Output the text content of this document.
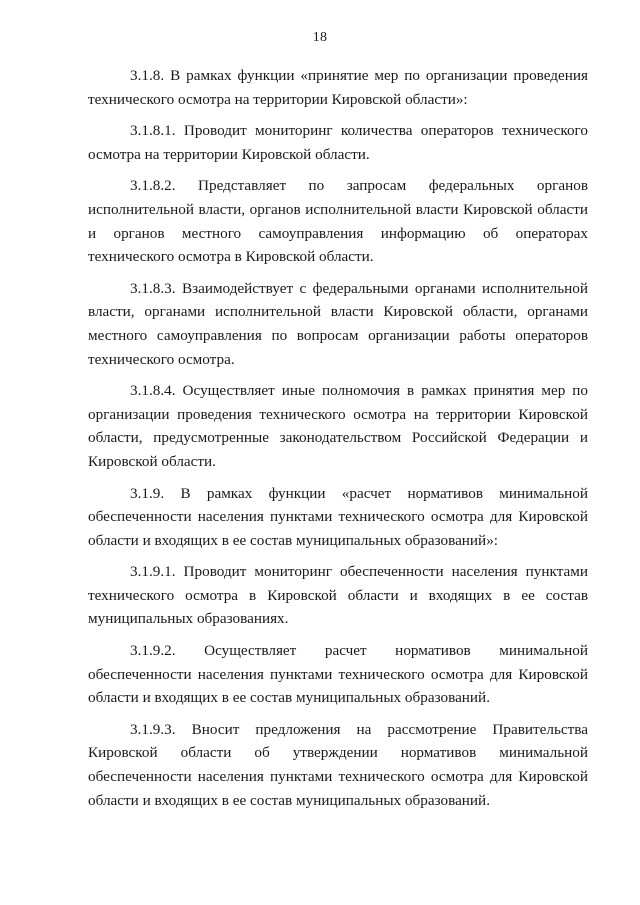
18

3.1.8. В рамках функции «принятие мер по организации проведения технического осмотра на территории Кировской области»:

3.1.8.1. Проводит мониторинг количества операторов технического осмотра на территории Кировской области.

3.1.8.2. Представляет по запросам федеральных органов исполнительной власти, органов исполнительной власти Кировской области и органов местного самоуправления информацию об операторах технического осмотра в Кировской области.

3.1.8.3. Взаимодействует с федеральными органами исполнительной власти, органами исполнительной власти Кировской области, органами местного самоуправления по вопросам организации работы операторов технического осмотра.

3.1.8.4. Осуществляет иные полномочия в рамках принятия мер по организации проведения технического осмотра на территории Кировской области, предусмотренные законодательством Российской Федерации и Кировской области.

3.1.9. В рамках функции «расчет нормативов минимальной обеспеченности населения пунктами технического осмотра для Кировской области и входящих в ее состав муниципальных образований»:

3.1.9.1. Проводит мониторинг обеспеченности населения пунктами технического осмотра в Кировской области и входящих в ее состав муниципальных образованиях.

3.1.9.2. Осуществляет расчет нормативов минимальной обеспеченности населения пунктами технического осмотра для Кировской области и входящих в ее состав муниципальных образований.

3.1.9.3. Вносит предложения на рассмотрение Правительства Кировской области об утверждении нормативов минимальной обеспеченности населения пунктами технического осмотра для Кировской области и входящих в ее состав муниципальных образований.
